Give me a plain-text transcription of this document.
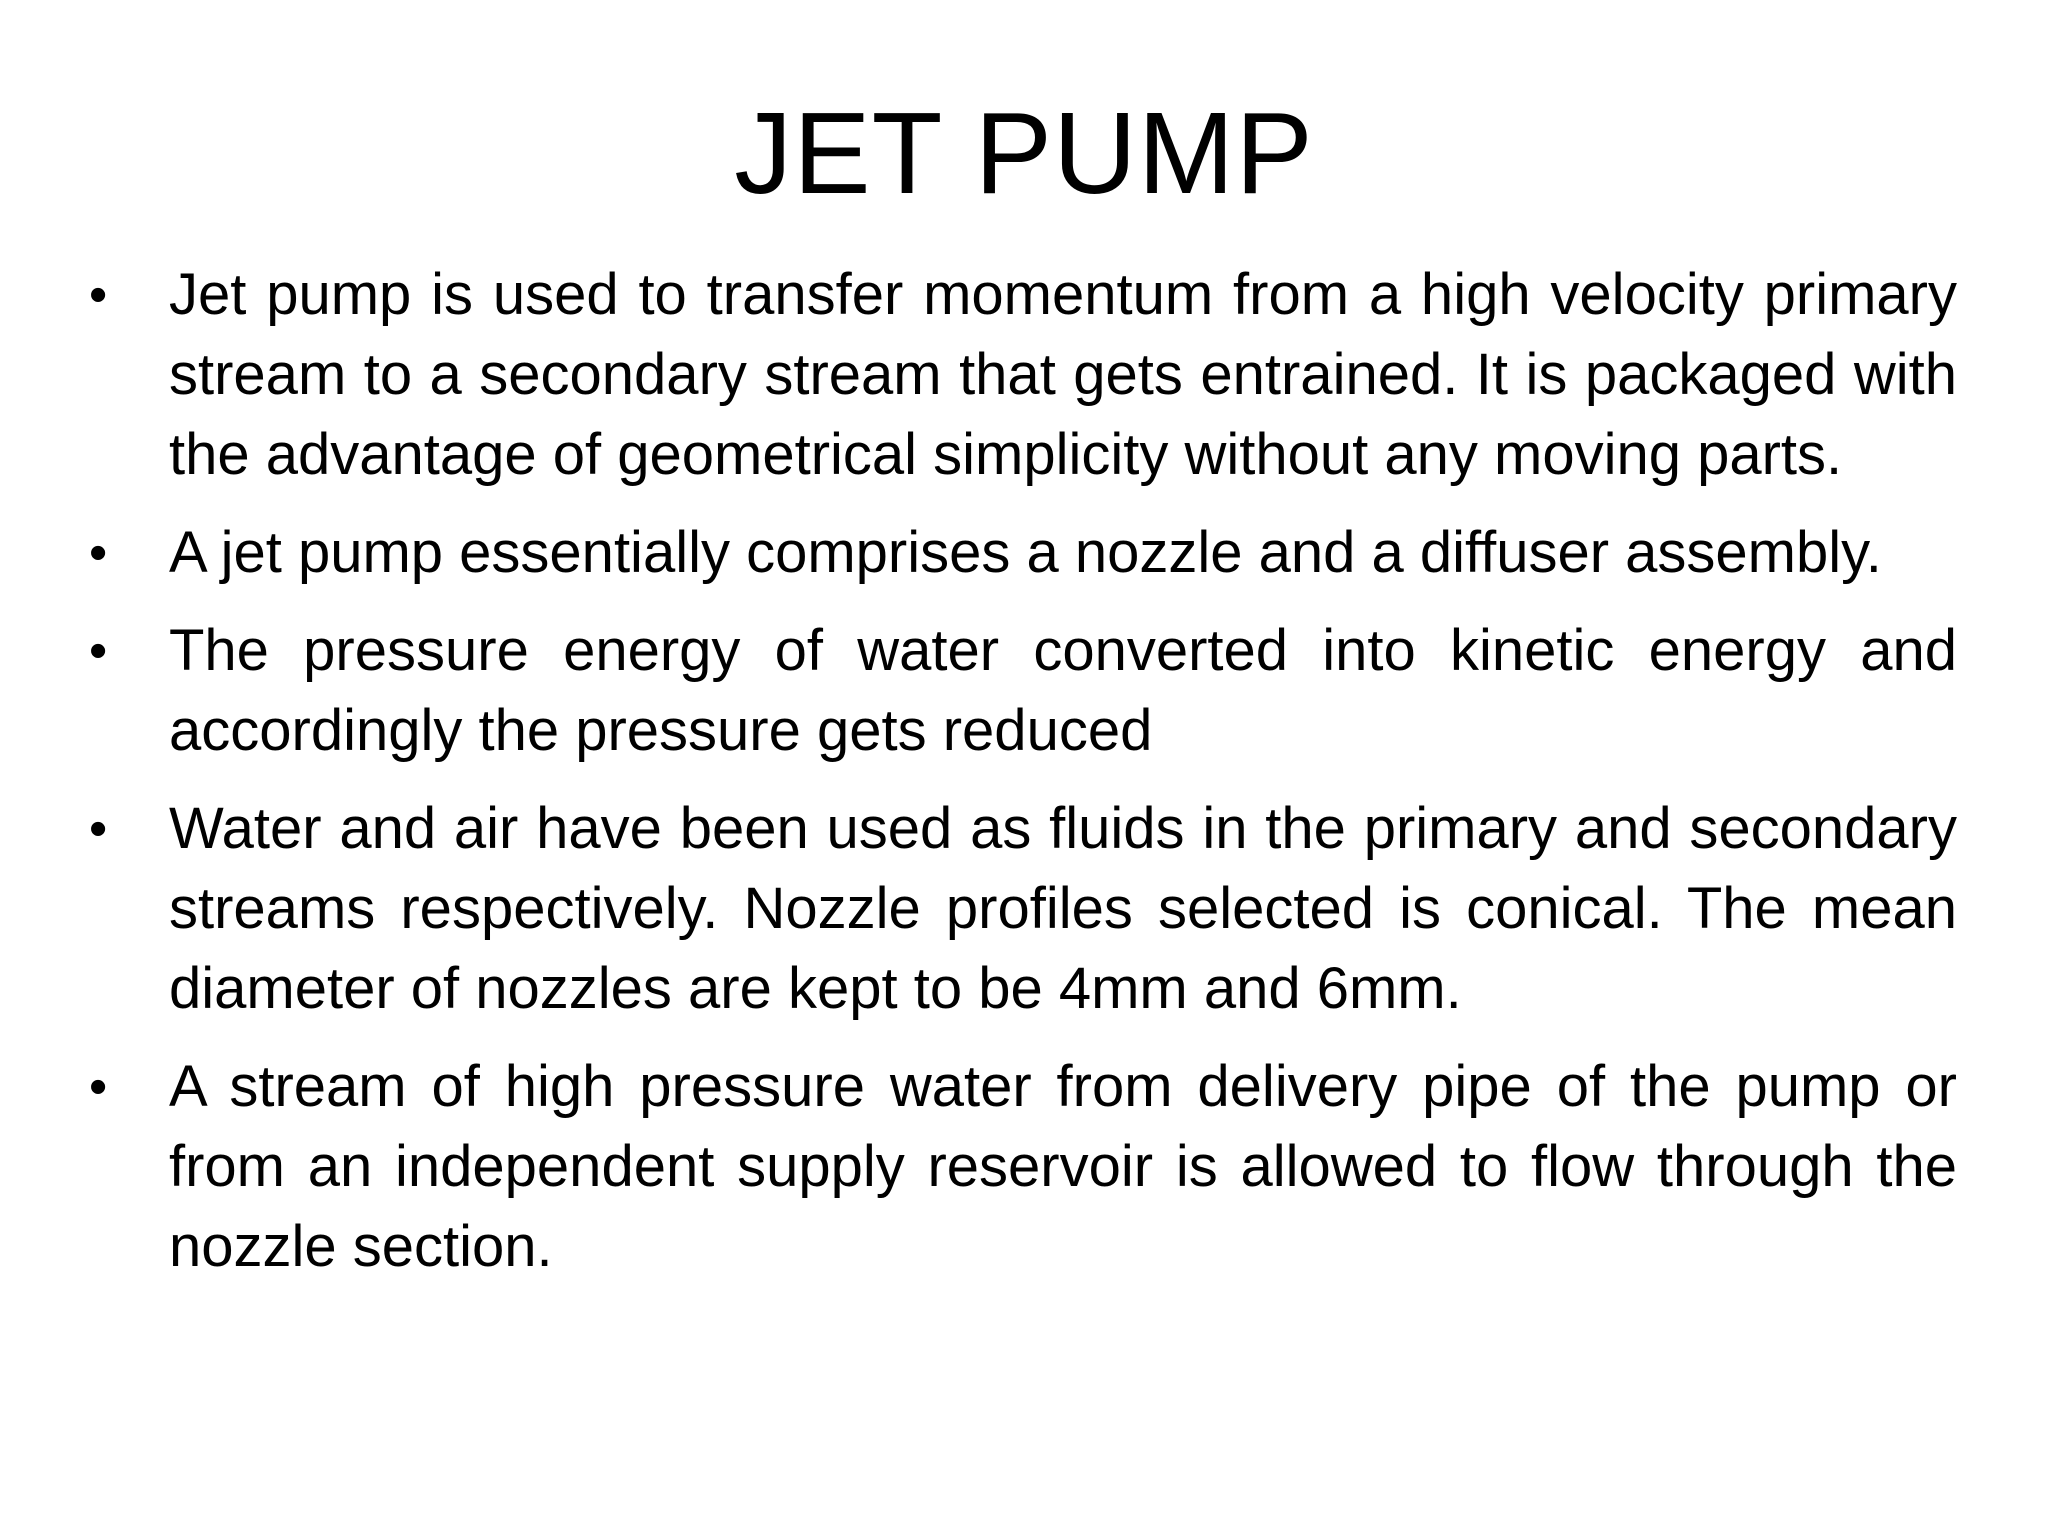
JET PUMP
• Jet pump is used to transfer momentum from a high velocity primary stream to a secondary stream that gets entrained. It is packaged with the advantage of geometrical simplicity without any moving parts.
• A jet pump essentially comprises a nozzle and a diffuser assembly.
• The pressure energy of water converted into kinetic energy and accordingly the pressure gets reduced
• Water and air have been used as fluids in the primary and secondary streams respectively. Nozzle profiles selected is conical. The mean diameter of nozzles are kept to be 4mm and 6mm.
• A stream of high pressure water from delivery pipe of the pump or from an independent supply reservoir is allowed to flow through the nozzle section.
